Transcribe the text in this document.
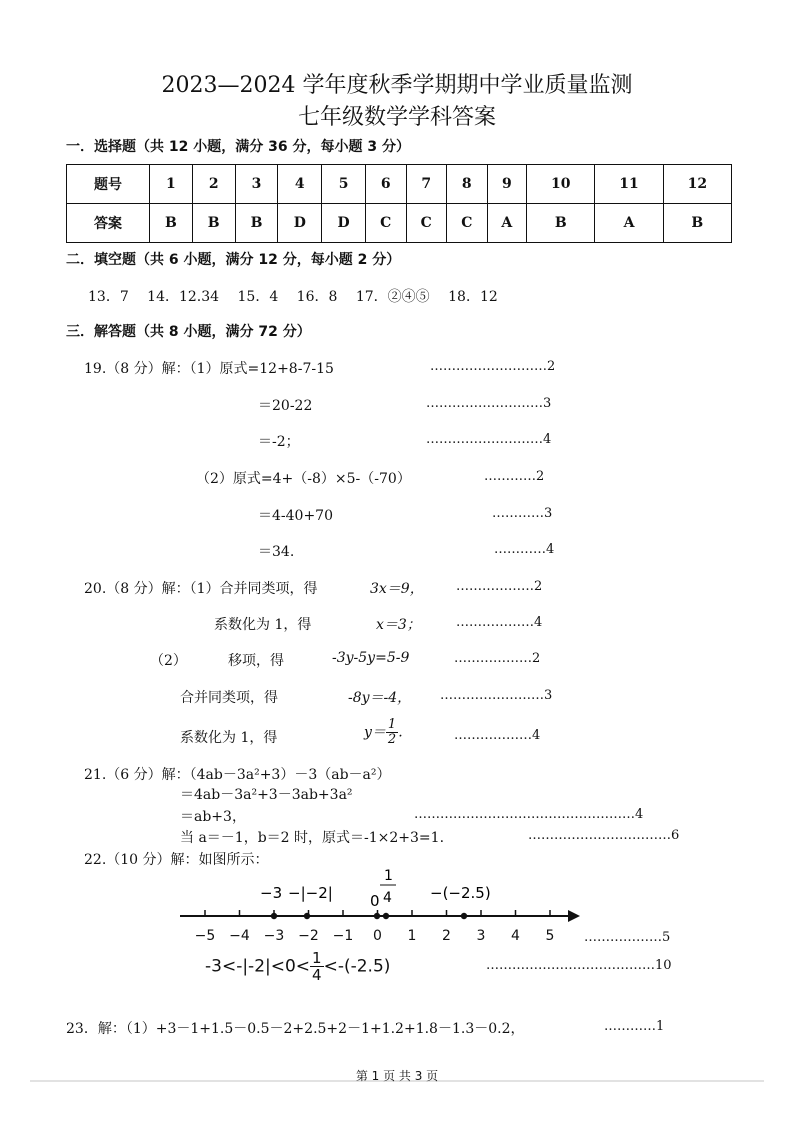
2023—2024 学年度秋季学期期中学业质量监测
七年级数学学科答案
一．选择题（共 12 小题，满分 36 分，每小题 3 分）
题号	1	2	3	4	5	6	7	8	9	10	11	12
答案	B	B	B	D	D	C	C	C	A	B	A	B
二．填空题（共 6 小题，满分 12 分，每小题 2 分）
13．7　 14．12.34　 15．4　 16．8　 17．②④⑤　 18．12
三．解答题（共 8 小题，满分 72 分）
19.（8 分）解：（1）原式=12+8-7-15	………………………2
＝20-22	………………………3
＝-2；	………………………4
（2）原式=4+（-8）×5-（-70）	…………2
＝4-40+70	…………3
＝34.	…………4
20.（8 分）解：（1）合并同类项，得	3x＝9， ………………2
系数化为 1，得	x＝3；	………………4
（2）	移项，得	-3y-5y=5-9	………………2
合并同类项，得	-8y＝-4， ……………………3
系数化为 1，得	$y= \frac{1}{2}$ .	………………4
21.（6 分）解：（4ab－3a²+3）－3（ab－a²）
＝4ab－3a²+3－3ab+3a²
＝ab+3，	……………………………………………4
当 a＝－1，b＝2 时，原式＝-1×2+3=1.	……………………………6
22.（10 分）解：如图所示：
−5 −4 −3 −2 −1 0 1 2 3 4 5
−3 −|−2| 0
1
4	−(−2.5)
………………5
$-3<-|-2|<0< \frac{1}{4} <-(-2.5)$	…………………………………10
23．解：（1）+3－1+1.5－0.5－2+2.5+2－1+1.2+1.8－1.3－0.2，	…………1
第 1 页 共 3 页
